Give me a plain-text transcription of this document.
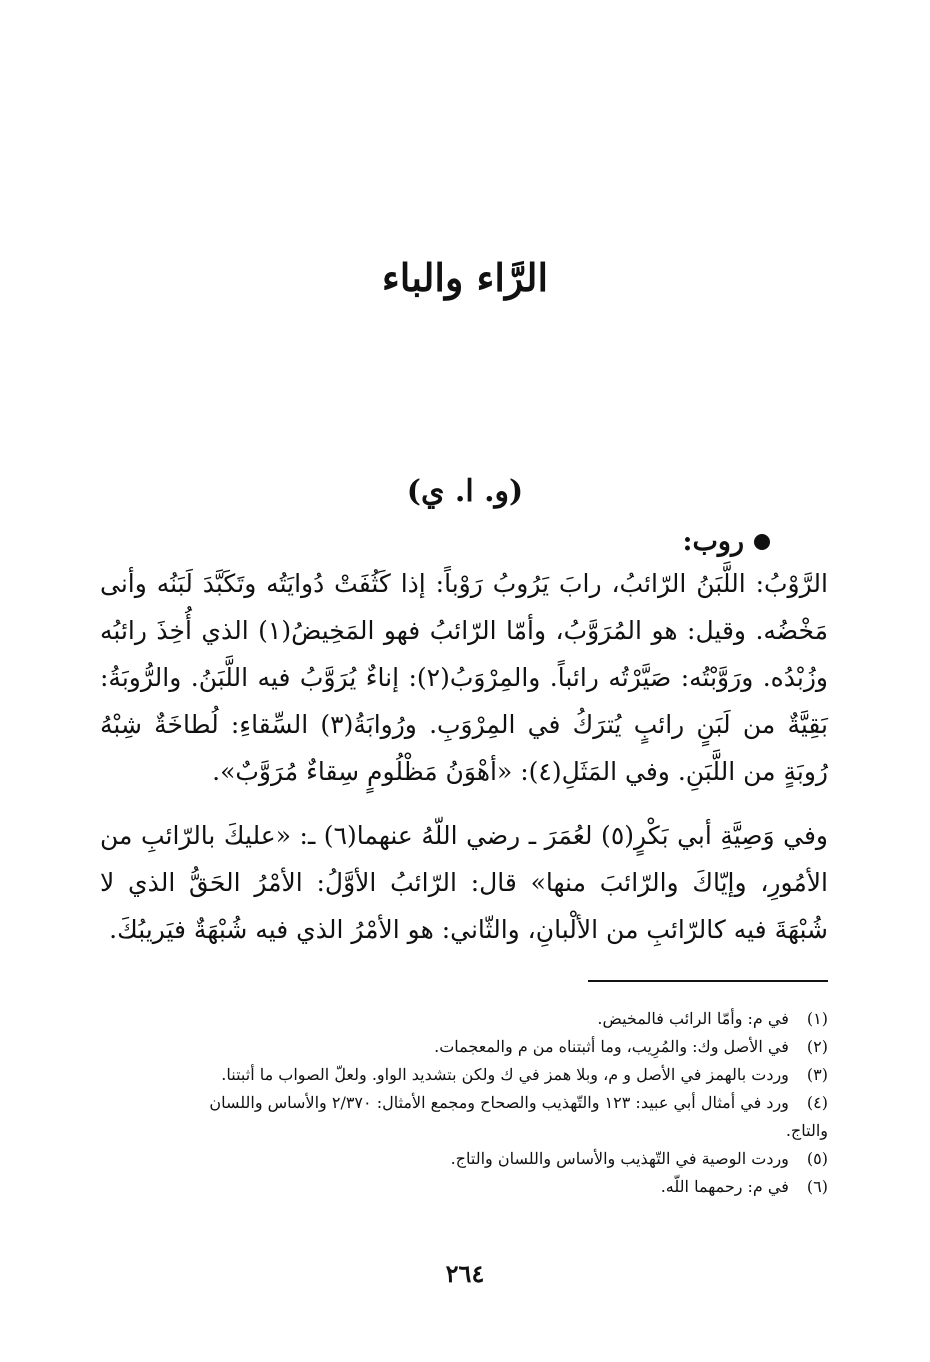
الرَّاء والباء
(و. ا. ي)
روب:
الرَّوْبُ: اللَّبَنُ الرّائبُ، رابَ يَرُوبُ رَوْباً: إذا كَثُفَتْ دُوايَتُه وتَكَبَّدَ لَبَنُه وأنى مَخْضُه. وقيل: هو المُرَوَّبُ، وأمّا الرّائبُ فهو المَخِيضُ(١) الذي أُخِذَ رائبُه وزُبْدُه. ورَوَّبْتُه: صَيَّرْتُه رائباً. والمِرْوَبُ(٢): إناءٌ يُرَوَّبُ فيه اللَّبَنُ. والرُّوبَةُ: بَقِيَّةٌ من لَبَنٍ رائبٍ يُترَكُ في المِرْوَبِ. ورُوابَةُ(٣) السِّقاءِ: لُطاخَةٌ شِبْهُ رُوبَةٍ من اللَّبَنِ. وفي المَثَلِ(٤): «أهْوَنُ مَظْلُومٍ سِقاءٌ مُرَوَّبٌ».
وفي وَصِيَّةِ أبي بَكْرٍ(٥) لعُمَرَ ـ رضي اللّهُ عنهما(٦) ـ: «عليكَ بالرّائبِ من الأمُورِ، وإيّاكَ والرّائبَ منها» قال: الرّائبُ الأوَّلُ: الأمْرُ الحَقُّ الذي لا شُبْهَةَ فيه كالرّائبِ من الألْبانِ، والثّاني: هو الأمْرُ الذي فيه شُبْهَةٌ فيَريبُكَ.
(١) في م: وأمّا الرائب فالمخيض.
(٢) في الأصل وك: والمُرِيب، وما أثبتناه من م والمعجمات.
(٣) وردت بالهمز في الأصل و م، وبلا همز في ك ولكن بتشديد الواو. ولعلّ الصواب ما أثبتنا.
(٤) ورد في أمثال أبي عبيد: ١٢٣ والتّهذيب والصحاح ومجمع الأمثال: ٢/٣٧٠ والأساس واللسان
والتاج.
(٥) وردت الوصية في التّهذيب والأساس واللسان والتاج.
(٦) في م: رحمهما اللّه.
٢٦٤
